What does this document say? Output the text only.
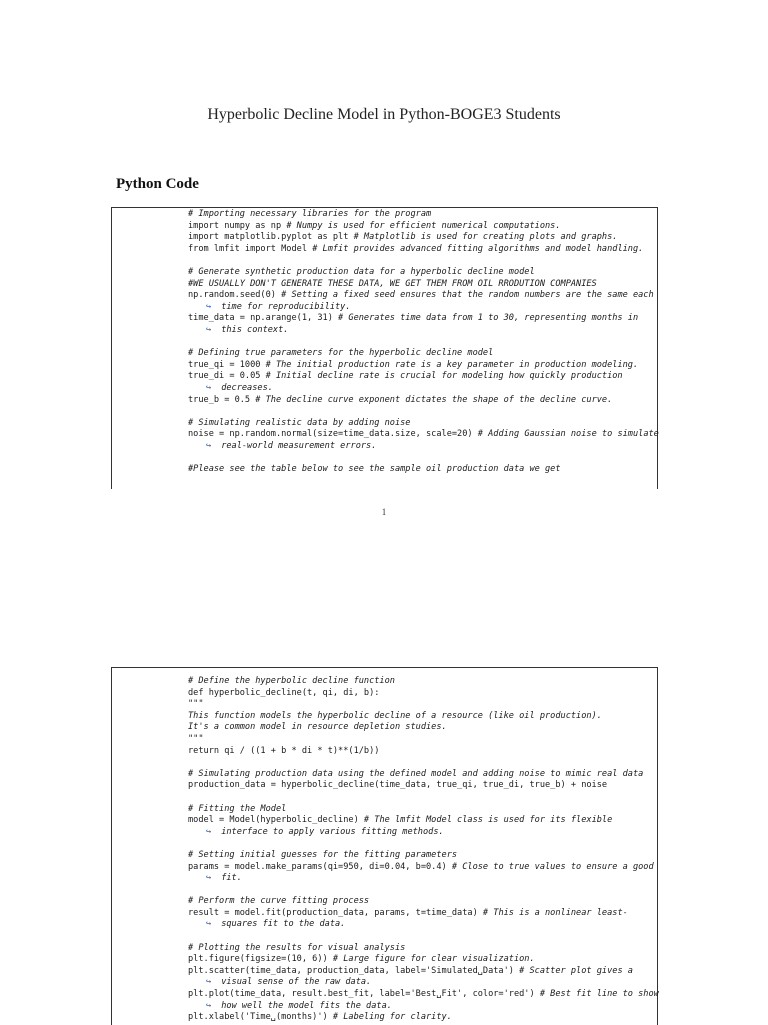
Hyperbolic Decline Model in Python-BOGE3 Students
Python Code
# Importing necessary libraries for the program
import numpy as np # Numpy is used for efficient numerical computations.
import matplotlib.pyplot as plt # Matplotlib is used for creating plots and graphs.
from lmfit import Model # Lmfit provides advanced fitting algorithms and model handling.
# Generate synthetic production data for a hyperbolic decline model
#WE USUALLY DON'T GENERATE THESE DATA, WE GET THEM FROM OIL RRODUTION COMPANIES
np.random.seed(0) # Setting a fixed seed ensures that the random numbers are the same each
↪ time for reproducibility.
time_data = np.arange(1, 31) # Generates time data from 1 to 30, representing months in
↪ this context.
# Defining true parameters for the hyperbolic decline model
true_qi = 1000 # The initial production rate is a key parameter in production modeling.
true_di = 0.05 # Initial decline rate is crucial for modeling how quickly production
↪ decreases.
true_b = 0.5 # The decline curve exponent dictates the shape of the decline curve.
# Simulating realistic data by adding noise
noise = np.random.normal(size=time_data.size, scale=20) # Adding Gaussian noise to simulate
↪ real-world measurement errors.
#Please see the table below to see the sample oil production data we get
1
# Define the hyperbolic decline function
def hyperbolic_decline(t, qi, di, b):
"""
This function models the hyperbolic decline of a resource (like oil production).
It's a common model in resource depletion studies.
"""
return qi / ((1 + b * di * t)**(1/b))
# Simulating production data using the defined model and adding noise to mimic real data
production_data = hyperbolic_decline(time_data, true_qi, true_di, true_b) + noise
# Fitting the Model
model = Model(hyperbolic_decline) # The lmfit Model class is used for its flexible
↪ interface to apply various fitting methods.
# Setting initial guesses for the fitting parameters
params = model.make_params(qi=950, di=0.04, b=0.4) # Close to true values to ensure a good
↪ fit.
# Perform the curve fitting process
result = model.fit(production_data, params, t=time_data) # This is a nonlinear least-
↪ squares fit to the data.
# Plotting the results for visual analysis
plt.figure(figsize=(10, 6)) # Large figure for clear visualization.
plt.scatter(time_data, production_data, label='Simulated␣Data') # Scatter plot gives a
↪ visual sense of the raw data.
plt.plot(time_data, result.best_fit, label='Best␣Fit', color='red') # Best fit line to show
↪ how well the model fits the data.
plt.xlabel('Time␣(months)') # Labeling for clarity.
